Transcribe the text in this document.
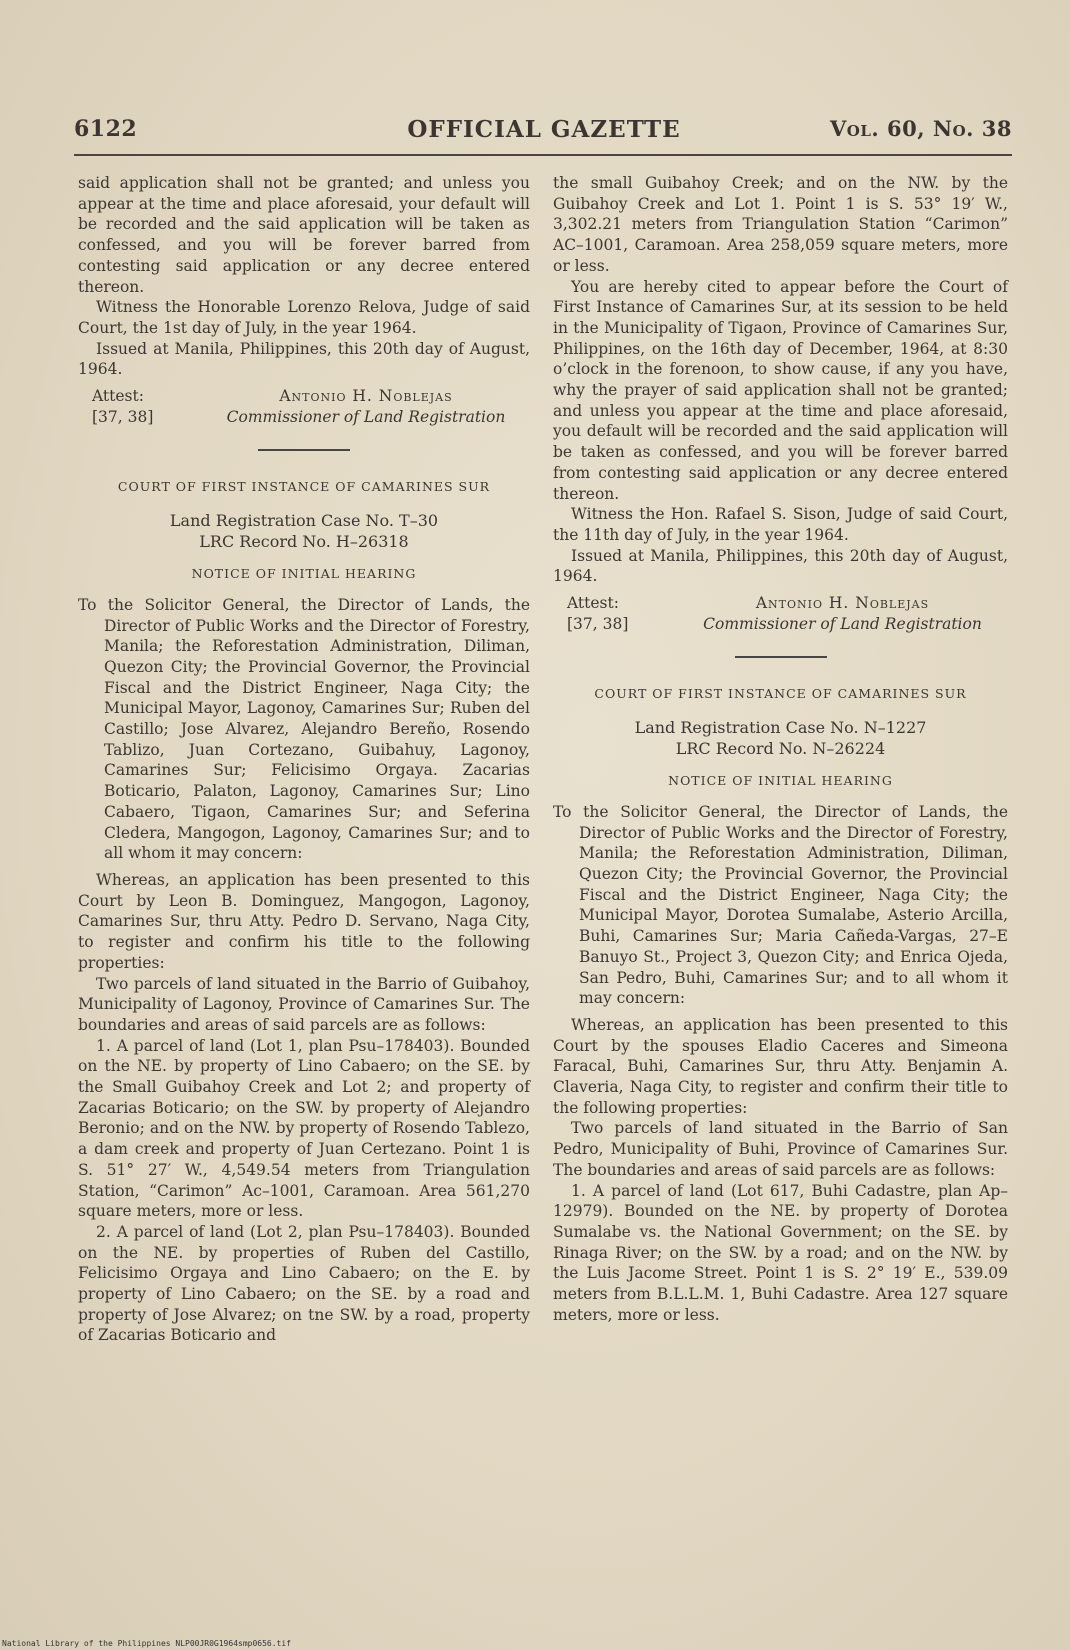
6122	OFFICIAL GAZETTE	Vol. 60, No. 38

said application shall not be granted; and unless you appear at the time and place aforesaid, your default will be recorded and the said application will be taken as confessed, and you will be forever barred from contesting said application or any decree entered thereon.

Witness the Honorable Lorenzo Relova, Judge of said Court, the 1st day of July, in the year 1964.

Issued at Manila, Philippines, this 20th day of August, 1964.

Attest:	Antonio H. Noblejas
[37, 38]	Commissioner of Land Registration
COURT OF FIRST INSTANCE OF CAMARINES SUR
Land Registration Case No. T–30
LRC Record No. H–26318
NOTICE OF INITIAL HEARING

To the Solicitor General, the Director of Lands, the Director of Public Works and the Director of Forestry, Manila; the Reforestation Administration, Diliman, Quezon City; the Provincial Governor, the Provincial Fiscal and the District Engineer, Naga City; the Municipal Mayor, Lagonoy, Camarines Sur; Ruben del Castillo; Jose Alvarez, Alejandro Bereño, Rosendo Tablizo, Juan Cortezano, Guibahuy, Lagonoy, Camarines Sur; Felicisimo Orgaya. Zacarias Boticario, Palaton, Lagonoy, Camarines Sur; Lino Cabaero, Tigaon, Camarines Sur; and Seferina Cledera, Mangogon, Lagonoy, Camarines Sur; and to all whom it may concern:

Whereas, an application has been presented to this Court by Leon B. Dominguez, Mangogon, Lagonoy, Camarines Sur, thru Atty. Pedro D. Servano, Naga City, to register and confirm his title to the following properties:

Two parcels of land situated in the Barrio of Guibahoy, Municipality of Lagonoy, Province of Camarines Sur. The boundaries and areas of said parcels are as follows:

1. A parcel of land (Lot 1, plan Psu–178403). Bounded on the NE. by property of Lino Cabaero; on the SE. by the Small Guibahoy Creek and Lot 2; and property of Zacarias Boticario; on the SW. by property of Alejandro Beronio; and on the NW. by property of Rosendo Tablezo, a dam creek and property of Juan Certezano. Point 1 is S. 51° 27′ W., 4,549.54 meters from Triangulation Station, “Carimon” Ac–1001, Caramoan. Area 561,270 square meters, more or less.

2. A parcel of land (Lot 2, plan Psu–178403). Bounded on the NE. by properties of Ruben del Castillo, Felicisimo Orgaya and Lino Cabaero; on the E. by property of Lino Cabaero; on the SE. by a road and property of Jose Alvarez; on tne SW. by a road, property of Zacarias Boticario and

the small Guibahoy Creek; and on the NW. by the Guibahoy Creek and Lot 1. Point 1 is S. 53° 19′ W., 3,302.21 meters from Triangulation Station “Carimon” AC–1001, Caramoan. Area 258,059 square meters, more or less.

You are hereby cited to appear before the Court of First Instance of Camarines Sur, at its session to be held in the Municipality of Tigaon, Province of Camarines Sur, Philippines, on the 16th day of December, 1964, at 8:30 o’clock in the forenoon, to show cause, if any you have, why the prayer of said application shall not be granted; and unless you appear at the time and place aforesaid, you default will be recorded and the said application will be taken as confessed, and you will be forever barred from contesting said application or any decree entered thereon.

Witness the Hon. Rafael S. Sison, Judge of said Court, the 11th day of July, in the year 1964.

Issued at Manila, Philippines, this 20th day of August, 1964.

Attest:	Antonio H. Noblejas
[37, 38]	Commissioner of Land Registration
COURT OF FIRST INSTANCE OF CAMARINES SUR
Land Registration Case No. N–1227
LRC Record No. N–26224
NOTICE OF INITIAL HEARING

To the Solicitor General, the Director of Lands, the Director of Public Works and the Director of Forestry, Manila; the Reforestation Administration, Diliman, Quezon City; the Provincial Governor, the Provincial Fiscal and the District Engineer, Naga City; the Municipal Mayor, Dorotea Sumalabe, Asterio Arcilla, Buhi, Camarines Sur; Maria Cañeda-Vargas, 27–E Banuyo St., Project 3, Quezon City; and Enrica Ojeda, San Pedro, Buhi, Camarines Sur; and to all whom it may concern:

Whereas, an application has been presented to this Court by the spouses Eladio Caceres and Simeona Faracal, Buhi, Camarines Sur, thru Atty. Benjamin A. Claveria, Naga City, to register and confirm their title to the following properties:

Two parcels of land situated in the Barrio of San Pedro, Municipality of Buhi, Province of Camarines Sur. The boundaries and areas of said parcels are as follows:

1. A parcel of land (Lot 617, Buhi Cadastre, plan Ap–12979). Bounded on the NE. by property of Dorotea Sumalabe vs. the National Government; on the SE. by Rinaga River; on the SW. by a road; and on the NW. by the Luis Jacome Street. Point 1 is S. 2° 19′ E., 539.09 meters from B.L.L.M. 1, Buhi Cadastre. Area 127 square meters, more or less.

National Library of the Philippines NLP00JR0G1964smp0656.tif
